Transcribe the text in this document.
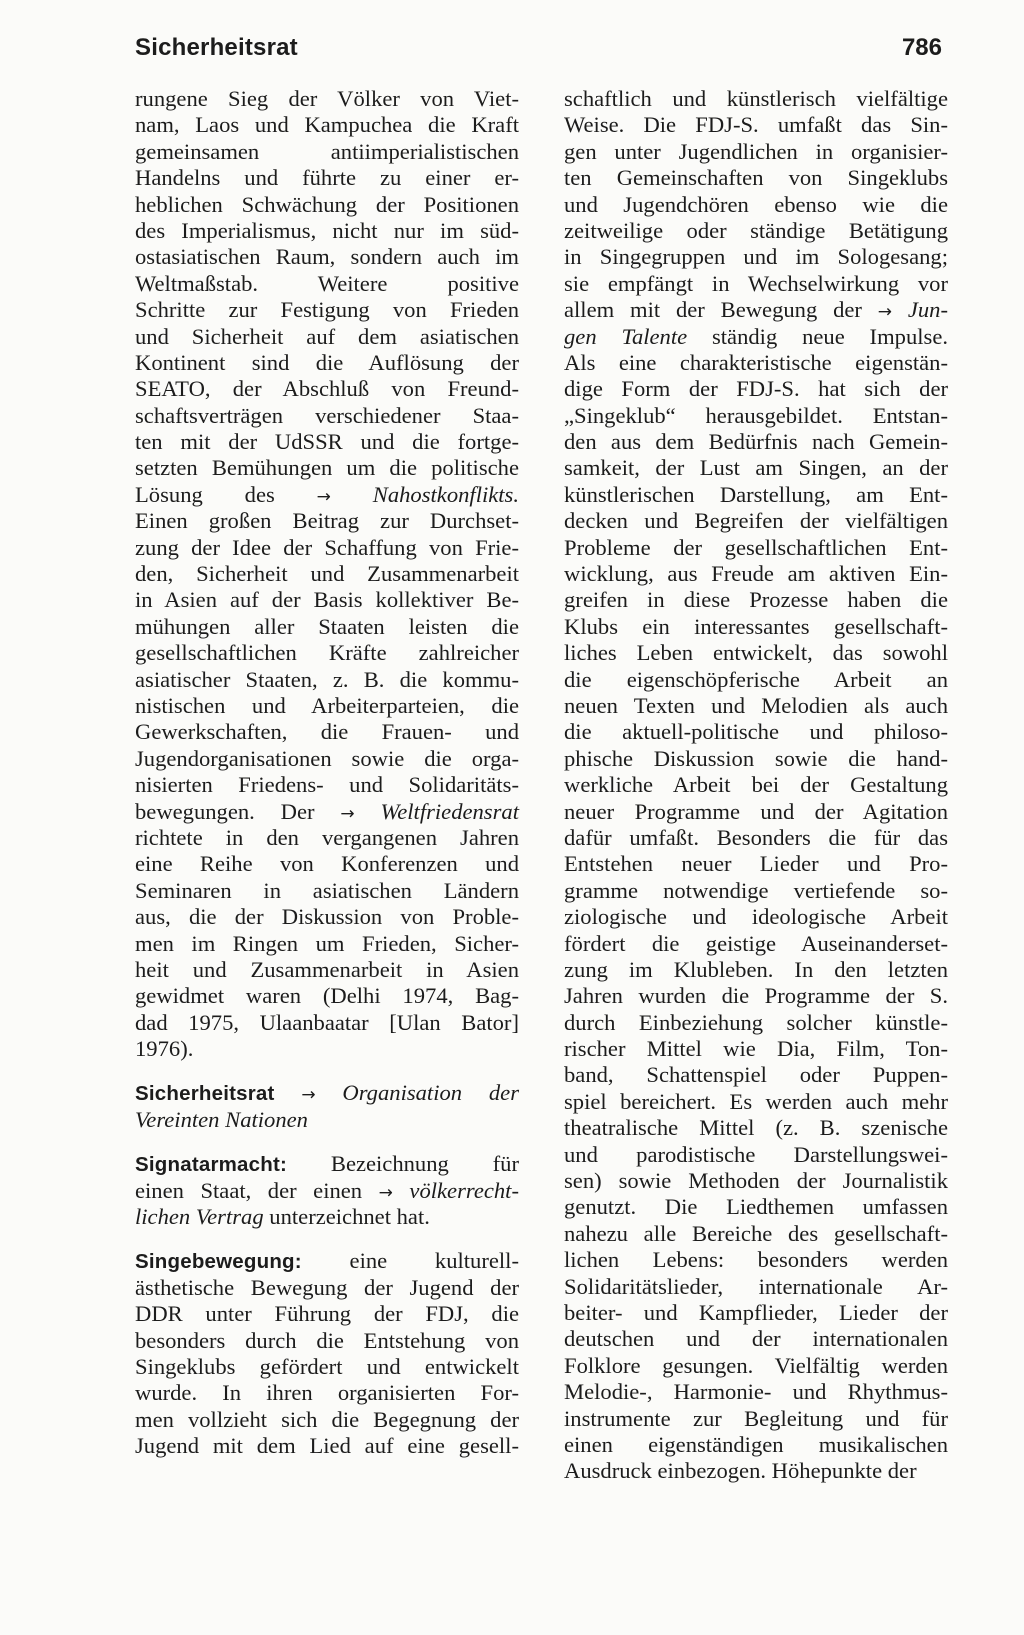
Sicherheitsrat	786
rungene Sieg der Völker von Viet-
nam, Laos und Kampuchea die Kraft
gemeinsamen antiimperialistischen
Handelns und führte zu einer er-
heblichen Schwächung der Positionen
des Imperialismus, nicht nur im süd-
ostasiatischen Raum, sondern auch im
Weltmaßstab. Weitere positive
Schritte zur Festigung von Frieden
und Sicherheit auf dem asiatischen
Kontinent sind die Auflösung der
SEATO, der Abschluß von Freund-
schaftsverträgen verschiedener Staa-
ten mit der UdSSR und die fortge-
setzten Bemühungen um die politische
Lösung des → Nahostkonflikts.
Einen großen Beitrag zur Durchset-
zung der Idee der Schaffung von Frie-
den, Sicherheit und Zusammenarbeit
in Asien auf der Basis kollektiver Be-
mühungen aller Staaten leisten die
gesellschaftlichen Kräfte zahlreicher
asiatischer Staaten, z. B. die kommu-
nistischen und Arbeiterparteien, die
Gewerkschaften, die Frauen- und
Jugendorganisationen sowie die orga-
nisierten Friedens- und Solidaritäts-
bewegungen. Der → Weltfriedensrat
richtete in den vergangenen Jahren
eine Reihe von Konferenzen und
Seminaren in asiatischen Ländern
aus, die der Diskussion von Proble-
men im Ringen um Frieden, Sicher-
heit und Zusammenarbeit in Asien
gewidmet waren (Delhi 1974, Bag-
dad 1975, Ulaanbaatar [Ulan Bator]
1976).
Sicherheitsrat → Organisation der
Vereinten Nationen
Signatarmacht: Bezeichnung für
einen Staat, der einen → völkerrecht-
lichen Vertrag unterzeichnet hat.
Singebewegung: eine kulturell-
ästhetische Bewegung der Jugend der
DDR unter Führung der FDJ, die
besonders durch die Entstehung von
Singeklubs gefördert und entwickelt
wurde. In ihren organisierten For-
men vollzieht sich die Begegnung der
Jugend mit dem Lied auf eine gesell-
schaftlich und künstlerisch vielfältige
Weise. Die FDJ-S. umfaßt das Sin-
gen unter Jugendlichen in organisier-
ten Gemeinschaften von Singeklubs
und Jugendchören ebenso wie die
zeitweilige oder ständige Betätigung
in Singegruppen und im Sologesang;
sie empfängt in Wechselwirkung vor
allem mit der Bewegung der → Jun-
gen Talente ständig neue Impulse.
Als eine charakteristische eigenstän-
dige Form der FDJ-S. hat sich der
„Singeklub“ herausgebildet. Entstan-
den aus dem Bedürfnis nach Gemein-
samkeit, der Lust am Singen, an der
künstlerischen Darstellung, am Ent-
decken und Begreifen der vielfältigen
Probleme der gesellschaftlichen Ent-
wicklung, aus Freude am aktiven Ein-
greifen in diese Prozesse haben die
Klubs ein interessantes gesellschaft-
liches Leben entwickelt, das sowohl
die eigenschöpferische Arbeit an
neuen Texten und Melodien als auch
die aktuell-politische und philoso-
phische Diskussion sowie die hand-
werkliche Arbeit bei der Gestaltung
neuer Programme und der Agitation
dafür umfaßt. Besonders die für das
Entstehen neuer Lieder und Pro-
gramme notwendige vertiefende so-
ziologische und ideologische Arbeit
fördert die geistige Auseinanderset-
zung im Klubleben. In den letzten
Jahren wurden die Programme der S.
durch Einbeziehung solcher künstle-
rischer Mittel wie Dia, Film, Ton-
band, Schattenspiel oder Puppen-
spiel bereichert. Es werden auch mehr
theatralische Mittel (z. B. szenische
und parodistische Darstellungswei-
sen) sowie Methoden der Journalistik
genutzt. Die Liedthemen umfassen
nahezu alle Bereiche des gesellschaft-
lichen Lebens: besonders werden
Solidaritätslieder, internationale Ar-
beiter- und Kampflieder, Lieder der
deutschen und der internationalen
Folklore gesungen. Vielfältig werden
Melodie-, Harmonie- und Rhythmus-
instrumente zur Begleitung und für
einen eigenständigen musikalischen
Ausdruck einbezogen. Höhepunkte der
